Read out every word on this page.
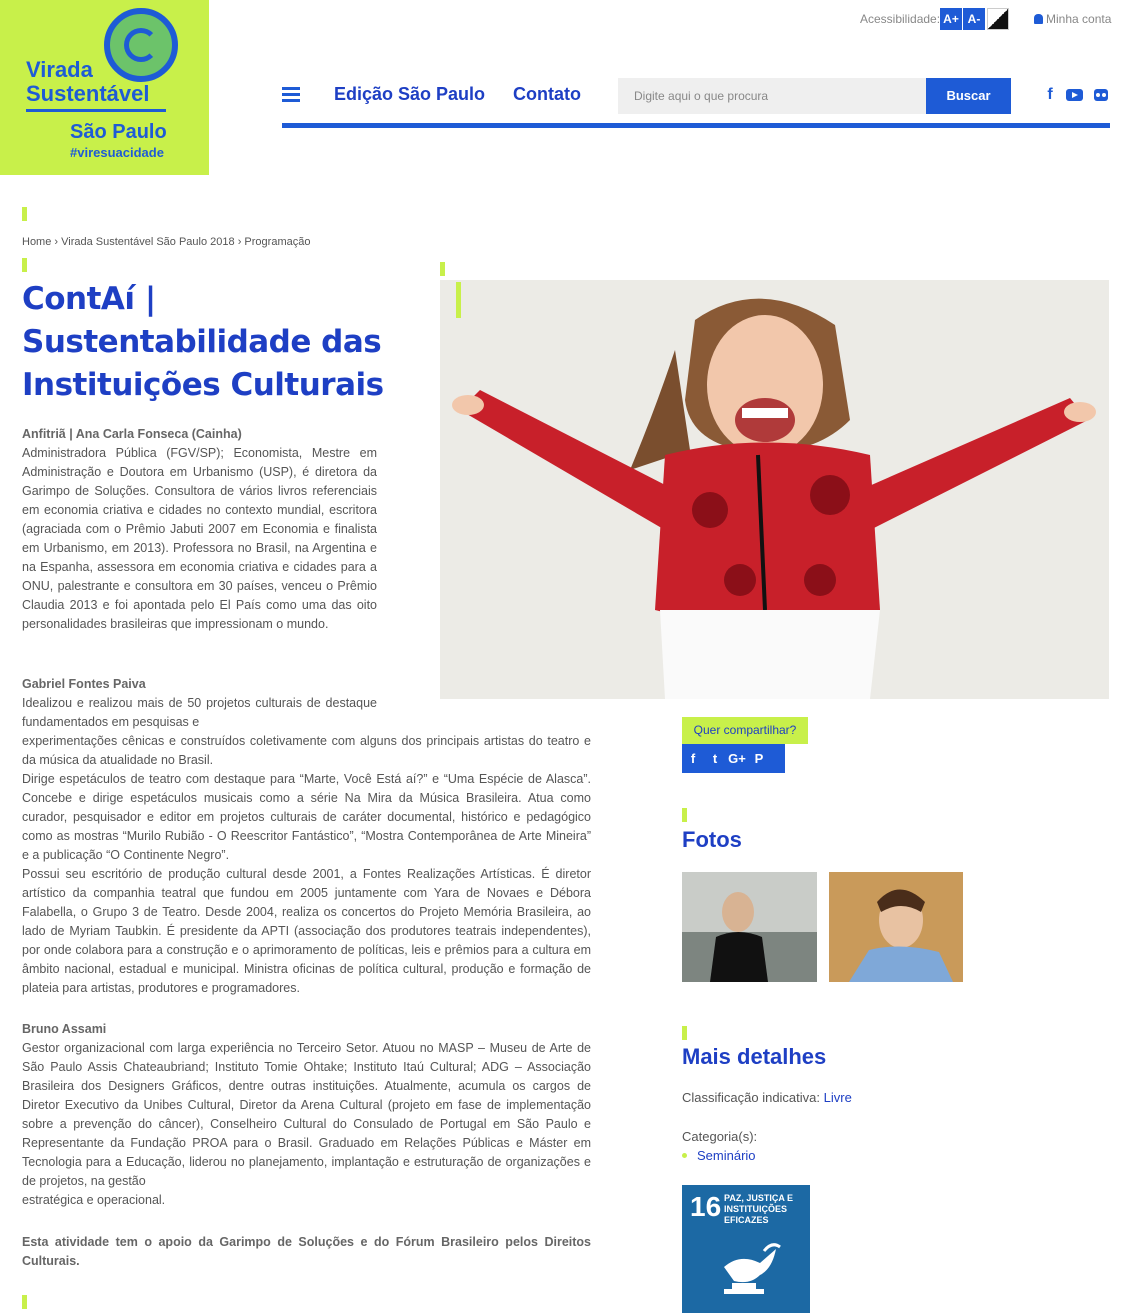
Virada
Sustentável
São Paulo
#viresuacidade
Acessibilidade: A+ A-	Minha conta
Edição São Paulo Contato
Digite aqui o que procura	Buscar	f
Home › Virada Sustentável São Paulo 2018 › Programação
ContAí | Sustentabilidade das Instituições Culturais
Anfitriã | Ana Carla Fonseca (Cainha)
Administradora Pública (FGV/SP); Economista, Mestre em Administração e Doutora em Urbanismo (USP), é diretora da Garimpo de Soluções. Consultora de vários livros referenciais em economia criativa e cidades no contexto mundial, escritora (agraciada com o Prêmio Jabuti 2007 em Economia e finalista em Urbanismo, em 2013). Professora no Brasil, na Argentina e na Espanha, assessora em economia criativa e cidades para a ONU, palestrante e consultora em 30 países, venceu o Prêmio Claudia 2013 e foi apontada pelo El País como uma das oito personalidades brasileiras que impressionam o mundo.
Gabriel Fontes Paiva
Idealizou e realizou mais de 50 projetos culturais de destaque fundamentados em pesquisas e
experimentações cênicas e construídos coletivamente com alguns dos principais artistas do teatro e da música da atualidade no Brasil.
Dirige espetáculos de teatro com destaque para “Marte, Você Está aí?” e “Uma Espécie de Alasca”. Concebe e dirige espetáculos musicais como a série Na Mira da Música Brasileira. Atua como curador, pesquisador e editor em projetos culturais de caráter documental, histórico e pedagógico como as mostras “Murilo Rubião - O Reescritor Fantástico”, “Mostra Contemporânea de Arte Mineira” e a publicação “O Continente Negro”.
Possui seu escritório de produção cultural desde 2001, a Fontes Realizações Artísticas. É diretor artístico da companhia teatral que fundou em 2005 juntamente com Yara de Novaes e Débora Falabella, o Grupo 3 de Teatro. Desde 2004, realiza os concertos do Projeto Memória Brasileira, ao lado de Myriam Taubkin. É presidente da APTI (associação dos produtores teatrais independentes), por onde colabora para a construção e o aprimoramento de políticas, leis e prêmios para a cultura em âmbito nacional, estadual e municipal. Ministra oficinas de política cultural, produção e formação de plateia para artistas, produtores e programadores.
Bruno Assami
Gestor organizacional com larga experiência no Terceiro Setor. Atuou no MASP – Museu de Arte de São Paulo Assis Chateaubriand; Instituto Tomie Ohtake; Instituto Itaú Cultural; ADG – Associação Brasileira dos Designers Gráficos, dentre outras instituições. Atualmente, acumula os cargos de Diretor Executivo da Unibes Cultural, Diretor da Arena Cultural (projeto em fase de implementação sobre a prevenção do câncer), Conselheiro Cultural do Consulado de Portugal em São Paulo e Representante da Fundação PROA para o Brasil. Graduado em Relações Públicas e Máster em Tecnologia para a Educação, liderou no planejamento, implantação e estruturação de organizações e de projetos, na gestão
estratégica e operacional.
Esta atividade tem o apoio da Garimpo de Soluções e do Fórum Brasileiro pelos Direitos Culturais.
Quer compartilhar?
f t G+ P
Fotos
Mais detalhes
Classificação indicativa: Livre
Categoria(s):
Seminário
16 PAZ, JUSTIÇA E INSTITUIÇÕES EFICAZES
